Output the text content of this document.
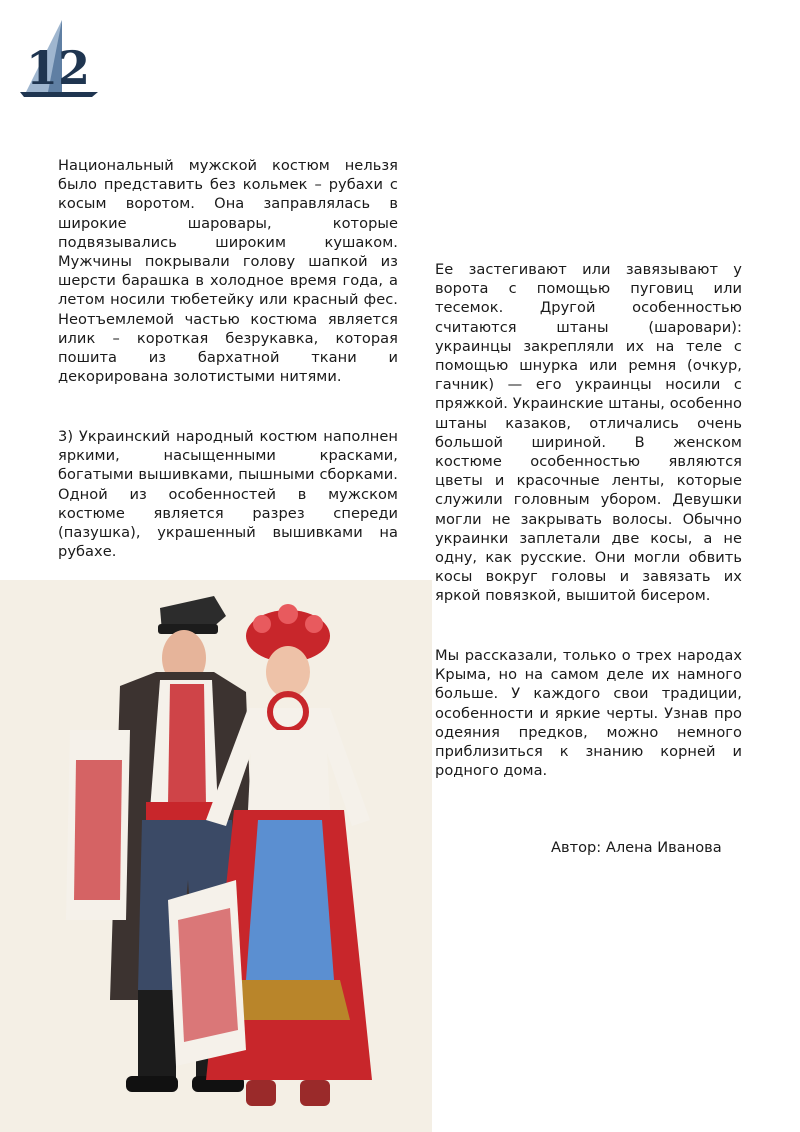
12

Национальный мужской костюм нельзя было представить без кольмек – рубахи с косым воротом. Она заправлялась в широкие шаровары, которые подвязывались широким кушаком. Мужчины покрывали голову шапкой из шерсти барашка в холодное время года, а летом носили тюбетейку или красный фес. Неотъемлемой частью костюма является илик – короткая безрукавка, которая пошита из бархатной ткани и декорирована золотистыми нитями.

3) Украинский народный костюм наполнен яркими, насыщенными красками, богатыми вышивками, пышными сборками. Одной из особенностей в мужском костюме является разрез спереди (пазушка), украшенный вышивками на рубахе.

Ее застегивают или завязывают у ворота с помощью пуговиц или тесемок. Другой особенностью считаются штаны (шаровари): украинцы закрепляли их на теле с помощью шнурка или ремня (очкур, гачник) — его украинцы носили с пряжкой. Украинские штаны, особенно штаны казаков, отличались очень большой шириной. В женском костюме особенностью являются цветы и красочные ленты, которые служили головным убором. Девушки могли не закрывать волосы. Обычно украинки заплетали две косы, а не одну, как русские. Они могли обвить косы вокруг головы и завязать их яркой повязкой, вышитой бисером.

Мы рассказали, только о трех народах Крыма, но на самом деле их намного больше. У каждого свои традиции, особенности и яркие черты. Узнав про одеяния предков, можно немного приблизиться к знанию корней и родного дома.

Автор: Алена Иванова
